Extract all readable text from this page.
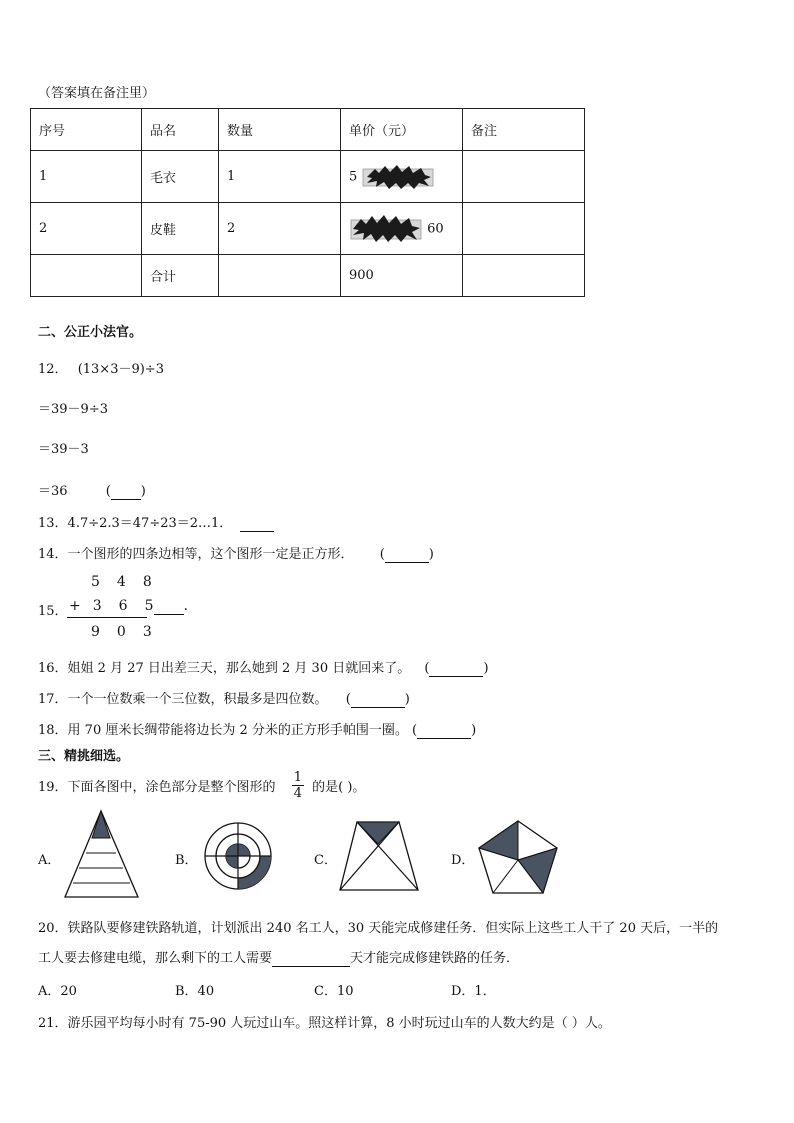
（答案填在备注里）
序号	品名	数量	单价（元）	备注
1	毛衣	1	5	
2	皮鞋	2	60	
	合计		900	
二、公正小法官。
12． (13×3－9)÷3
＝39－9÷3
＝39－3
＝36	( )
13．4.7÷2.3＝47÷23＝2…1．
14．一个图形的四条边相等，这个图形一定是正方形． (	)
15．
5 4 8
+ 3 6 5 .
9 0 3
16．姐姐 2 月 27 日出差三天，那么她到 2 月 30 日就回来了。 (	)
17．一个一位数乘一个三位数，积最多是四位数。 (	)
18．用 70 厘米长绸带能将边长为 2 分米的正方形手帕围一圈。 (	)
三、精挑细选。
19．下面各图中，涂色部分是整个图形的 $\frac{1}{4}$ 的是( )。
A．	B．	C．	D．
20．铁路队要修建铁路轨道，计划派出 240 名工人，30 天能完成修建任务．但实际上这些工人干了 20 天后，一半的
工人要去修建电缆，那么剩下的工人需要	天才能完成修建铁路的任务．
A．20	B．40	C．10	D．1．
21．游乐园平均每小时有 75-90 人玩过山车。照这样计算，8 小时玩过山车的人数大约是（ ）人。
